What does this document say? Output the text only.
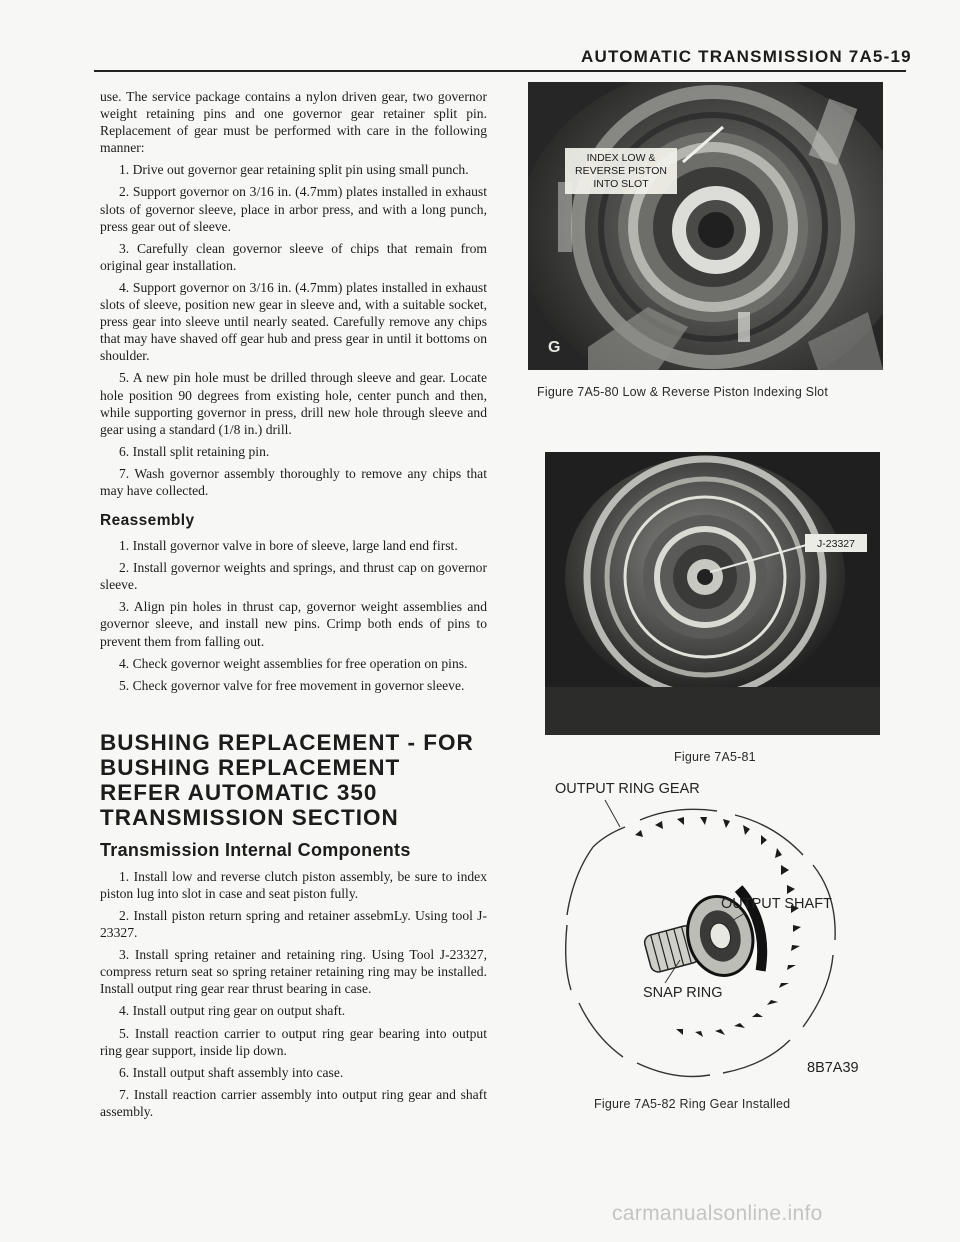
AUTOMATIC TRANSMISSION 7A5-19

use. The service package contains a nylon driven gear, two governor weight retaining pins and one governor gear retainer split pin. Replacement of gear must be performed with care in the following manner:

1. Drive out governor gear retaining split pin using small punch.

2. Support governor on 3/16 in. (4.7mm) plates installed in exhaust slots of governor sleeve, place in arbor press, and with a long punch, press gear out of sleeve.

3. Carefully clean governor sleeve of chips that remain from original gear installation.

4. Support governor on 3/16 in. (4.7mm) plates installed in exhaust slots of sleeve, position new gear in sleeve and, with a suitable socket, press gear into sleeve until nearly seated. Carefully remove any chips that may have shaved off gear hub and press gear in until it bottoms on shoulder.

5. A new pin hole must be drilled through sleeve and gear. Locate hole position 90 degrees from existing hole, center punch and then, while supporting governor in press, drill new hole through sleeve and gear using a standard (1/8 in.) drill.

6. Install split retaining pin.

7. Wash governor assembly thoroughly to remove any chips that may have collected.

Reassembly

1. Install governor valve in bore of sleeve, large land end first.

2. Install governor weights and springs, and thrust cap on governor sleeve.

3. Align pin holes in thrust cap, governor weight assemblies and governor sleeve, and install new pins. Crimp both ends of pins to prevent them from falling out.

4. Check governor weight assemblies for free operation on pins.

5. Check governor valve for free movement in governor sleeve.

BUSHING REPLACEMENT - FOR BUSHING REPLACEMENT REFER AUTOMATIC 350 TRANSMISSION SECTION
Transmission Internal Components

1. Install low and reverse clutch piston assembly, be sure to index piston lug into slot in case and seat piston fully.

2. Install piston return spring and retainer assebmLy. Using tool J-23327.

3. Install spring retainer and retaining ring. Using Tool J-23327, compress return seat so spring retainer retaining ring may be installed. Install output ring gear rear thrust bearing in case.

4. Install output ring gear on output shaft.

5. Install reaction carrier to output ring gear bearing into output ring gear support, inside lip down.

6. Install output shaft assembly into case.

7. Install reaction carrier assembly into output ring gear and shaft assembly.

INDEX LOW &
REVERSE PISTON
INTO SLOT
G
Figure 7A5-80 Low & Reverse Piston Indexing Slot
J-23327
Figure 7A5-81
OUTPUT RING GEAR
OUTPUT SHAFT
SNAP RING
8B7A39
Figure 7A5-82 Ring Gear Installed
carmanualsonline.info
